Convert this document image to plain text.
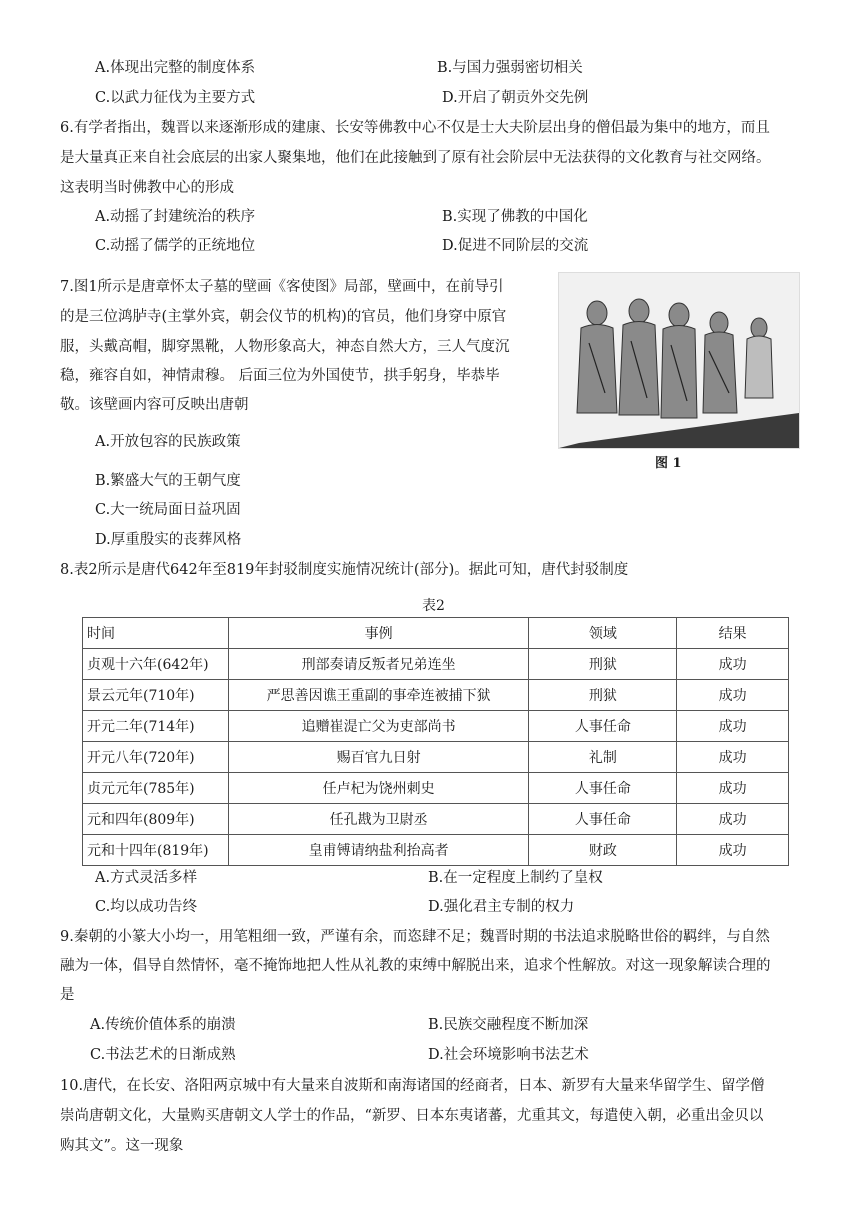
A.体现出完整的制度体系	B.与国力强弱密切相关
C.以武力征伐为主要方式	D.开启了朝贡外交先例
6.有学者指出，魏晋以来逐渐形成的建康、长安等佛教中心不仅是士大夫阶层出身的僧侣最为集中的地方，而且
是大量真正来自社会底层的出家人聚集地，他们在此接触到了原有社会阶层中无法获得的文化教育与社交网络。
这表明当时佛教中心的形成
A.动摇了封建统治的秩序	B.实现了佛教的中国化
C.动摇了儒学的正统地位	D.促进不同阶层的交流
7.图1所示是唐章怀太子墓的壁画《客使图》局部，壁画中，在前导引
的是三位鸿胪寺(主掌外宾，朝会仪节的机构)的官员，他们身穿中原官
服，头戴高帽，脚穿黑靴，人物形象高大，神态自然大方，三人气度沉
稳，雍容自如，神情肃穆。 后面三位为外国使节，拱手躬身，毕恭毕
敬。该壁画内容可反映出唐朝
图 1
A.开放包容的民族政策
B.繁盛大气的王朝气度
C.大一统局面日益巩固
D.厚重殷实的丧葬风格
8.表2所示是唐代642年至819年封驳制度实施情况统计(部分)。据此可知，唐代封驳制度
表2
时间	事例	领域	结果
贞观十六年(642年)	刑部奏请反叛者兄弟连坐	刑狱	成功
景云元年(710年)	严思善因谯王重副的事牵连被捕下狱	刑狱	成功
开元二年(714年)	追赠崔湜亡父为吏部尚书	人事任命	成功
开元八年(720年)	赐百官九日射	礼制	成功
贞元元年(785年)	任卢杞为饶州刺史	人事任命	成功
元和四年(809年)	任孔戡为卫尉丞	人事任命	成功
元和十四年(819年)	皇甫镈请纳盐利抬高者	财政	成功
A.方式灵活多样	B.在一定程度上制约了皇权
C.均以成功告终	D.强化君主专制的权力
9.秦朝的小篆大小均一，用笔粗细一致，严谨有余，而恣肆不足；魏晋时期的书法追求脱略世俗的羁绊，与自然
融为一体，倡导自然情怀，毫不掩饰地把人性从礼教的束缚中解脱出来，追求个性解放。对这一现象解读合理的
是
A.传统价值体系的崩溃	B.民族交融程度不断加深
C.书法艺术的日渐成熟	D.社会环境影响书法艺术
10.唐代，在长安、洛阳两京城中有大量来自波斯和南海诸国的经商者，日本、新罗有大量来华留学生、留学僧
崇尚唐朝文化，大量购买唐朝文人学士的作品，“新罗、日本东夷诸蕃，尤重其文，每遣使入朝，必重出金贝以
购其文”。这一现象
